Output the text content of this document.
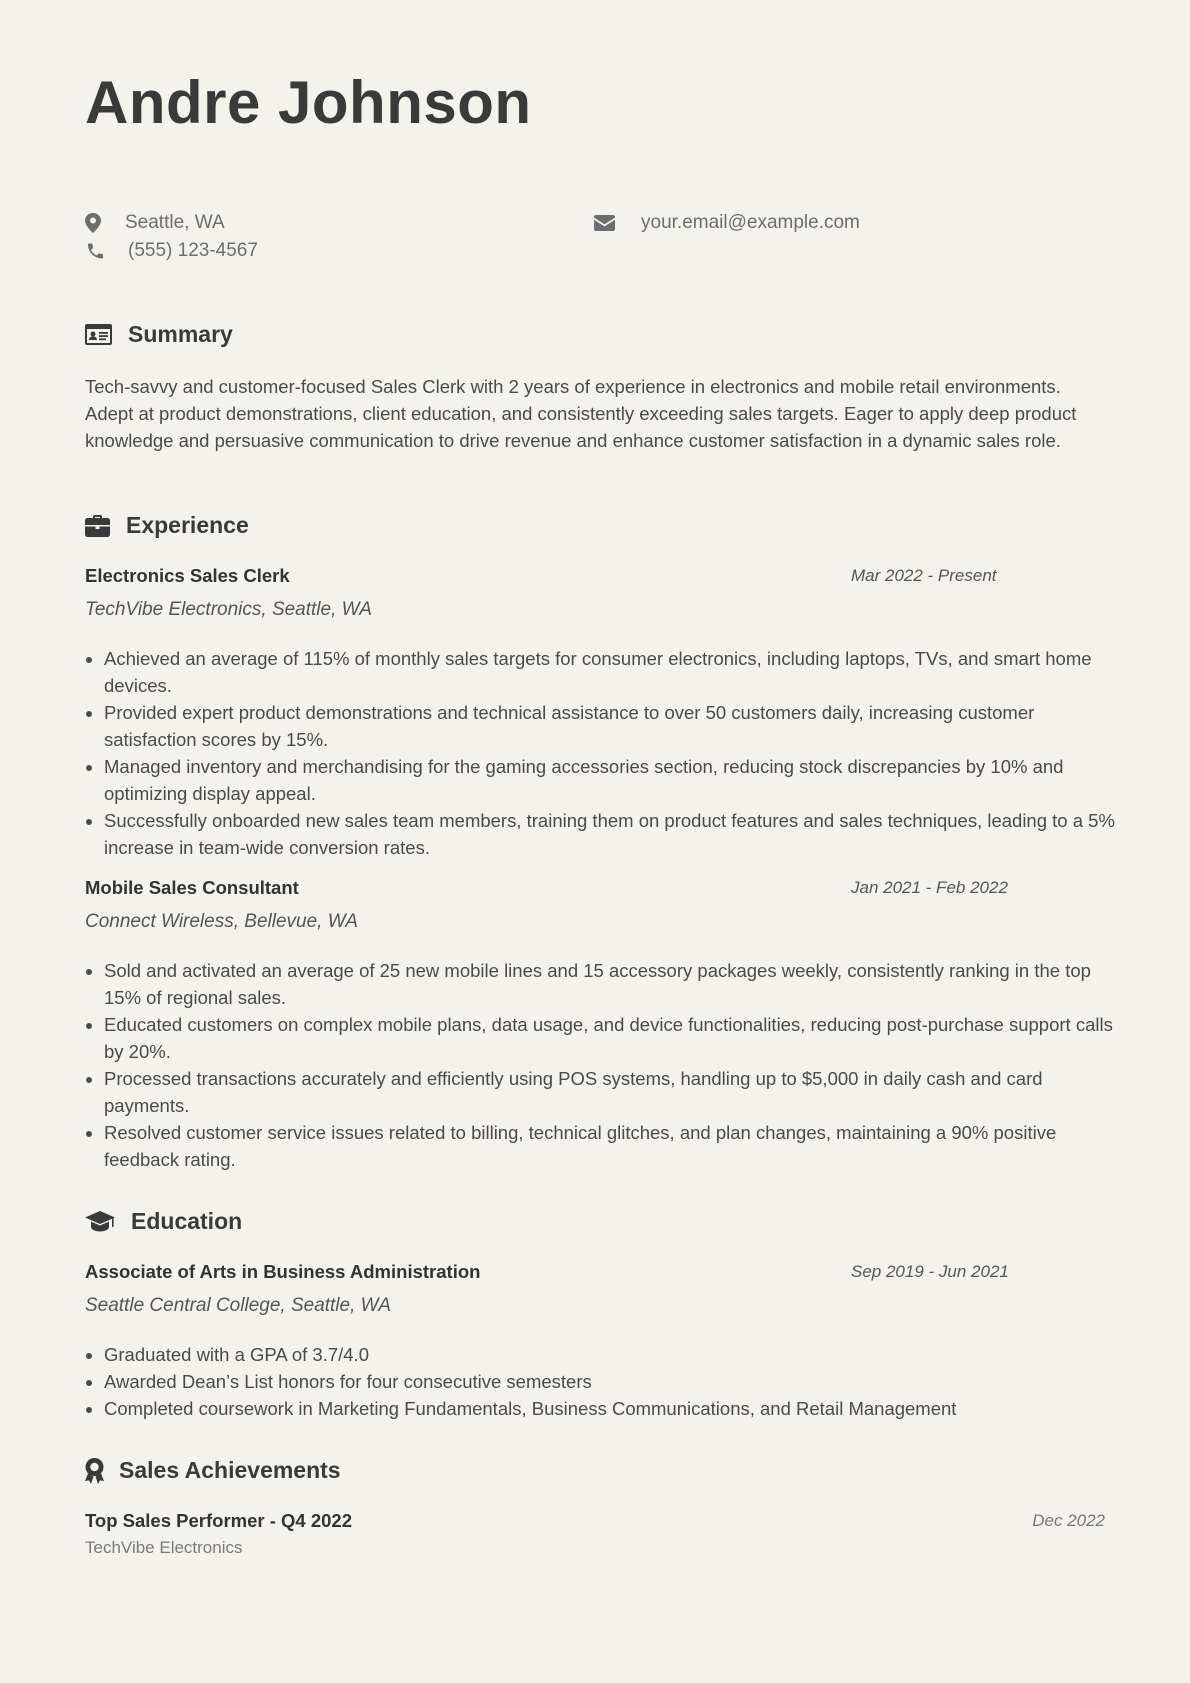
Andre Johnson
Seattle, WA	your.email@example.com
(555) 123-4567
Summary

Tech-savvy and customer-focused Sales Clerk with 2 years of experience in electronics and mobile retail environments. Adept at product demonstrations, client education, and consistently exceeding sales targets. Eager to apply deep product knowledge and persuasive communication to drive revenue and enhance customer satisfaction in a dynamic sales role.

Experience
Electronics Sales Clerk	Mar 2022 - Present
TechVibe Electronics, Seattle, WA
• Achieved an average of 115% of monthly sales targets for consumer electronics, including laptops, TVs, and smart home devices.
• Provided expert product demonstrations and technical assistance to over 50 customers daily, increasing customer satisfaction scores by 15%.
• Managed inventory and merchandising for the gaming accessories section, reducing stock discrepancies by 10% and optimizing display appeal.
• Successfully onboarded new sales team members, training them on product features and sales techniques, leading to a 5% increase in team-wide conversion rates.
Mobile Sales Consultant	Jan 2021 - Feb 2022
Connect Wireless, Bellevue, WA
• Sold and activated an average of 25 new mobile lines and 15 accessory packages weekly, consistently ranking in the top 15% of regional sales.
• Educated customers on complex mobile plans, data usage, and device functionalities, reducing post-purchase support calls by 20%.
• Processed transactions accurately and efficiently using POS systems, handling up to $5,000 in daily cash and card payments.
• Resolved customer service issues related to billing, technical glitches, and plan changes, maintaining a 90% positive feedback rating.
Education
Associate of Arts in Business Administration	Sep 2019 - Jun 2021
Seattle Central College, Seattle, WA
• Graduated with a GPA of 3.7/4.0
• Awarded Dean’s List honors for four consecutive semesters
• Completed coursework in Marketing Fundamentals, Business Communications, and Retail Management
Sales Achievements
Top Sales Performer - Q4 2022	Dec 2022
TechVibe Electronics
